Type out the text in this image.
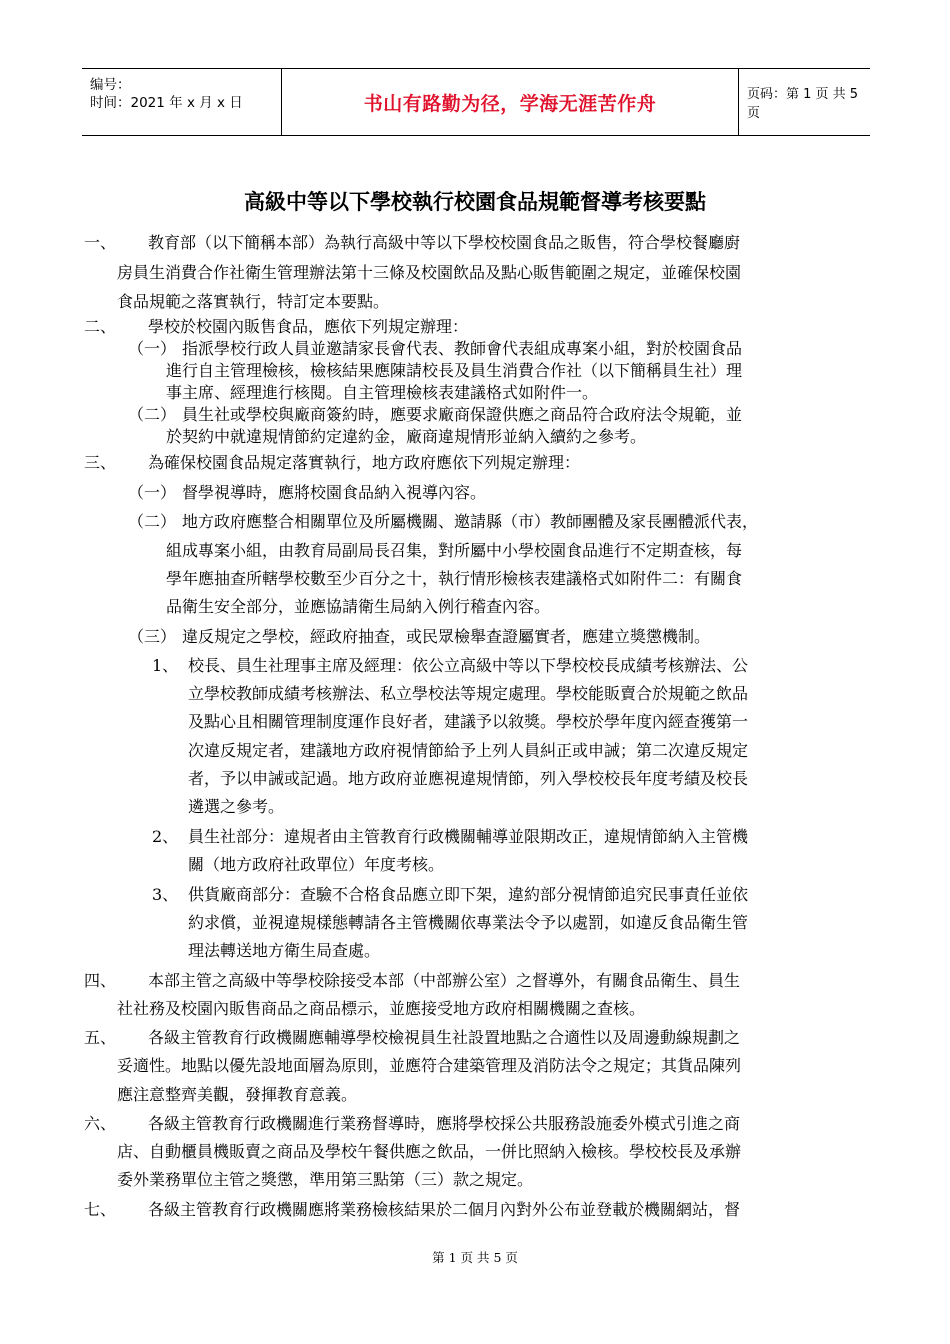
编号：
时间：2021 年 x 月 x 日	书山有路勤为径，学海无涯苦作舟	页码：第 1 页 共 5 页
高級中等以下學校執行校園食品規範督導考核要點
一、 教育部（以下簡稱本部）為執行高級中等以下學校校園食品之販售，符合學校餐廳廚
房員生消費合作社衛生管理辦法第十三條及校園飲品及點心販售範圍之規定，並確保校園
食品規範之落實執行，特訂定本要點。
二、 學校於校園內販售食品，應依下列規定辦理：
（一） 指派學校行政人員並邀請家長會代表、教師會代表組成專案小組，對於校園食品
進行自主管理檢核，檢核結果應陳請校長及員生消費合作社（以下簡稱員生社）理
事主席、經理進行核閱。自主管理檢核表建議格式如附件一。
（二） 員生社或學校與廠商簽約時，應要求廠商保證供應之商品符合政府法令規範，並
於契約中就違規情節約定違約金，廠商違規情形並納入續約之參考。
三、 為確保校園食品規定落實執行，地方政府應依下列規定辦理：
（一） 督學視導時，應將校園食品納入視導內容。
（二） 地方政府應整合相關單位及所屬機關、邀請縣（市）教師團體及家長團體派代表，
組成專案小組，由教育局副局長召集，對所屬中小學校園食品進行不定期查核，每
學年應抽查所轄學校數至少百分之十，執行情形檢核表建議格式如附件二：有關食
品衛生安全部分，並應協請衛生局納入例行稽查內容。
（三） 違反規定之學校，經政府抽查，或民眾檢舉查證屬實者，應建立獎懲機制。
1、 校長、員生社理事主席及經理：依公立高級中等以下學校校長成績考核辦法、公
立學校教師成績考核辦法、私立學校法等規定處理。學校能販賣合於規範之飲品
及點心且相關管理制度運作良好者，建議予以敘獎。學校於學年度內經查獲第一
次違反規定者，建議地方政府視情節給予上列人員糾正或申誡；第二次違反規定
者，予以申誡或記過。地方政府並應視違規情節，列入學校校長年度考績及校長
遴選之參考。
2、 員生社部分：違規者由主管教育行政機關輔導並限期改正，違規情節納入主管機
關（地方政府社政單位）年度考核。
3、 供貨廠商部分：查驗不合格食品應立即下架，違約部分視情節追究民事責任並依
約求償，並視違規樣態轉請各主管機關依專業法令予以處罰，如違反食品衛生管
理法轉送地方衛生局查處。
四、 本部主管之高級中等學校除接受本部（中部辦公室）之督導外，有關食品衛生、員生
社社務及校園內販售商品之商品標示，並應接受地方政府相關機關之查核。
五、 各級主管教育行政機關應輔導學校檢視員生社設置地點之合適性以及周邊動線規劃之
妥適性。地點以優先設地面層為原則，並應符合建築管理及消防法令之規定；其貨品陳列
應注意整齊美觀，發揮教育意義。
六、 各級主管教育行政機關進行業務督導時，應將學校採公共服務設施委外模式引進之商
店、自動櫃員機販賣之商品及學校午餐供應之飲品，一併比照納入檢核。學校校長及承辦
委外業務單位主管之獎懲，準用第三點第（三）款之規定。
七、 各級主管教育行政機關應將業務檢核結果於二個月內對外公布並登載於機關網站，督
第 1 页 共 5 页
